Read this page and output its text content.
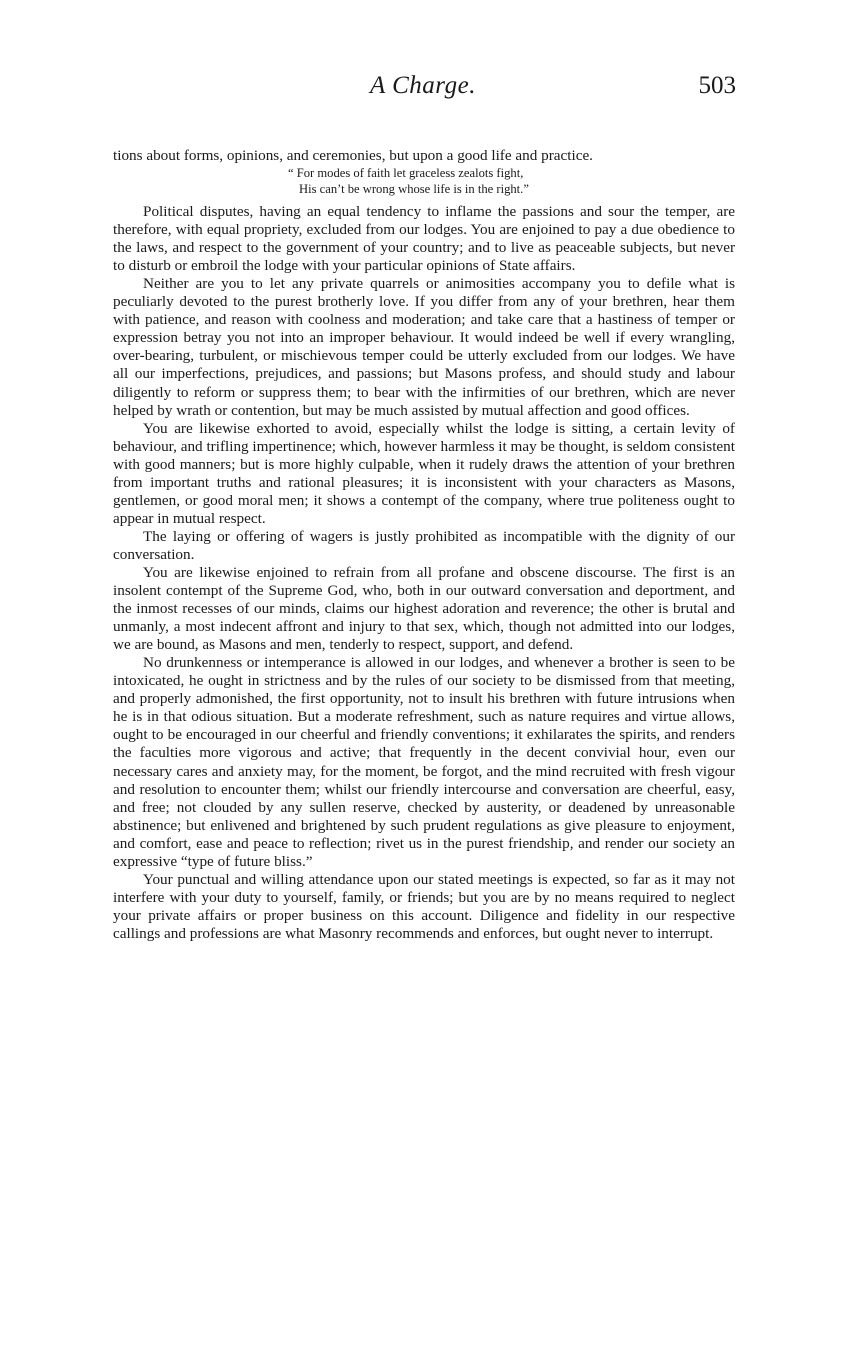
A Charge.	503

tions about forms, opinions, and ceremonies, but upon a good life and practice.

“ For modes of faith let graceless zealots fight,
His can’t be wrong whose life is in the right.”

Political disputes, having an equal tendency to inflame the passions and sour the temper, are therefore, with equal propriety, excluded from our lodges. You are enjoined to pay a due obedience to the laws, and respect to the government of your country; and to live as peaceable subjects, but never to disturb or embroil the lodge with your particular opinions of State affairs.

Neither are you to let any private quarrels or animosities accompany you to defile what is peculiarly devoted to the purest brotherly love. If you differ from any of your brethren, hear them with patience, and reason with coolness and moderation; and take care that a hastiness of temper or expression betray you not into an improper behaviour. It would indeed be well if every wrangling, over-bearing, turbulent, or mischievous temper could be utterly excluded from our lodges. We have all our imperfections, prejudices, and passions; but Masons profess, and should study and labour diligently to reform or suppress them; to bear with the infirmities of our brethren, which are never helped by wrath or contention, but may be much assisted by mutual affection and good offices.

You are likewise exhorted to avoid, especially whilst the lodge is sitting, a certain levity of behaviour, and trifling impertinence; which, however harmless it may be thought, is seldom consistent with good manners; but is more highly culpable, when it rudely draws the attention of your brethren from important truths and rational pleasures; it is inconsistent with your characters as Masons, gentlemen, or good moral men; it shows a contempt of the company, where true politeness ought to appear in mutual respect.

The laying or offering of wagers is justly prohibited as incompatible with the dignity of our conversation.

You are likewise enjoined to refrain from all profane and obscene discourse. The first is an insolent contempt of the Supreme God, who, both in our outward conversation and deportment, and the inmost recesses of our minds, claims our highest adoration and reverence; the other is brutal and unmanly, a most indecent affront and injury to that sex, which, though not admitted into our lodges, we are bound, as Masons and men, tenderly to respect, support, and defend.

No drunkenness or intemperance is allowed in our lodges, and whenever a brother is seen to be intoxicated, he ought in strictness and by the rules of our society to be dismissed from that meeting, and properly admonished, the first opportunity, not to insult his brethren with future intrusions when he is in that odious situation. But a moderate refreshment, such as nature requires and virtue allows, ought to be encouraged in our cheerful and friendly conventions; it exhilarates the spirits, and renders the faculties more vigorous and active; that frequently in the decent convivial hour, even our necessary cares and anxiety may, for the moment, be forgot, and the mind recruited with fresh vigour and resolution to encounter them; whilst our friendly intercourse and conversation are cheerful, easy, and free; not clouded by any sullen reserve, checked by austerity, or deadened by unreasonable abstinence; but enlivened and brightened by such prudent regulations as give pleasure to enjoyment, and comfort, ease and peace to reflection; rivet us in the purest friendship, and render our society an expressive “type of future bliss.”

Your punctual and willing attendance upon our stated meetings is expected, so far as it may not interfere with your duty to yourself, family, or friends; but you are by no means required to neglect your private affairs or proper business on this account. Diligence and fidelity in our respective callings and professions are what Masonry recommends and enforces, but ought never to interrupt.
